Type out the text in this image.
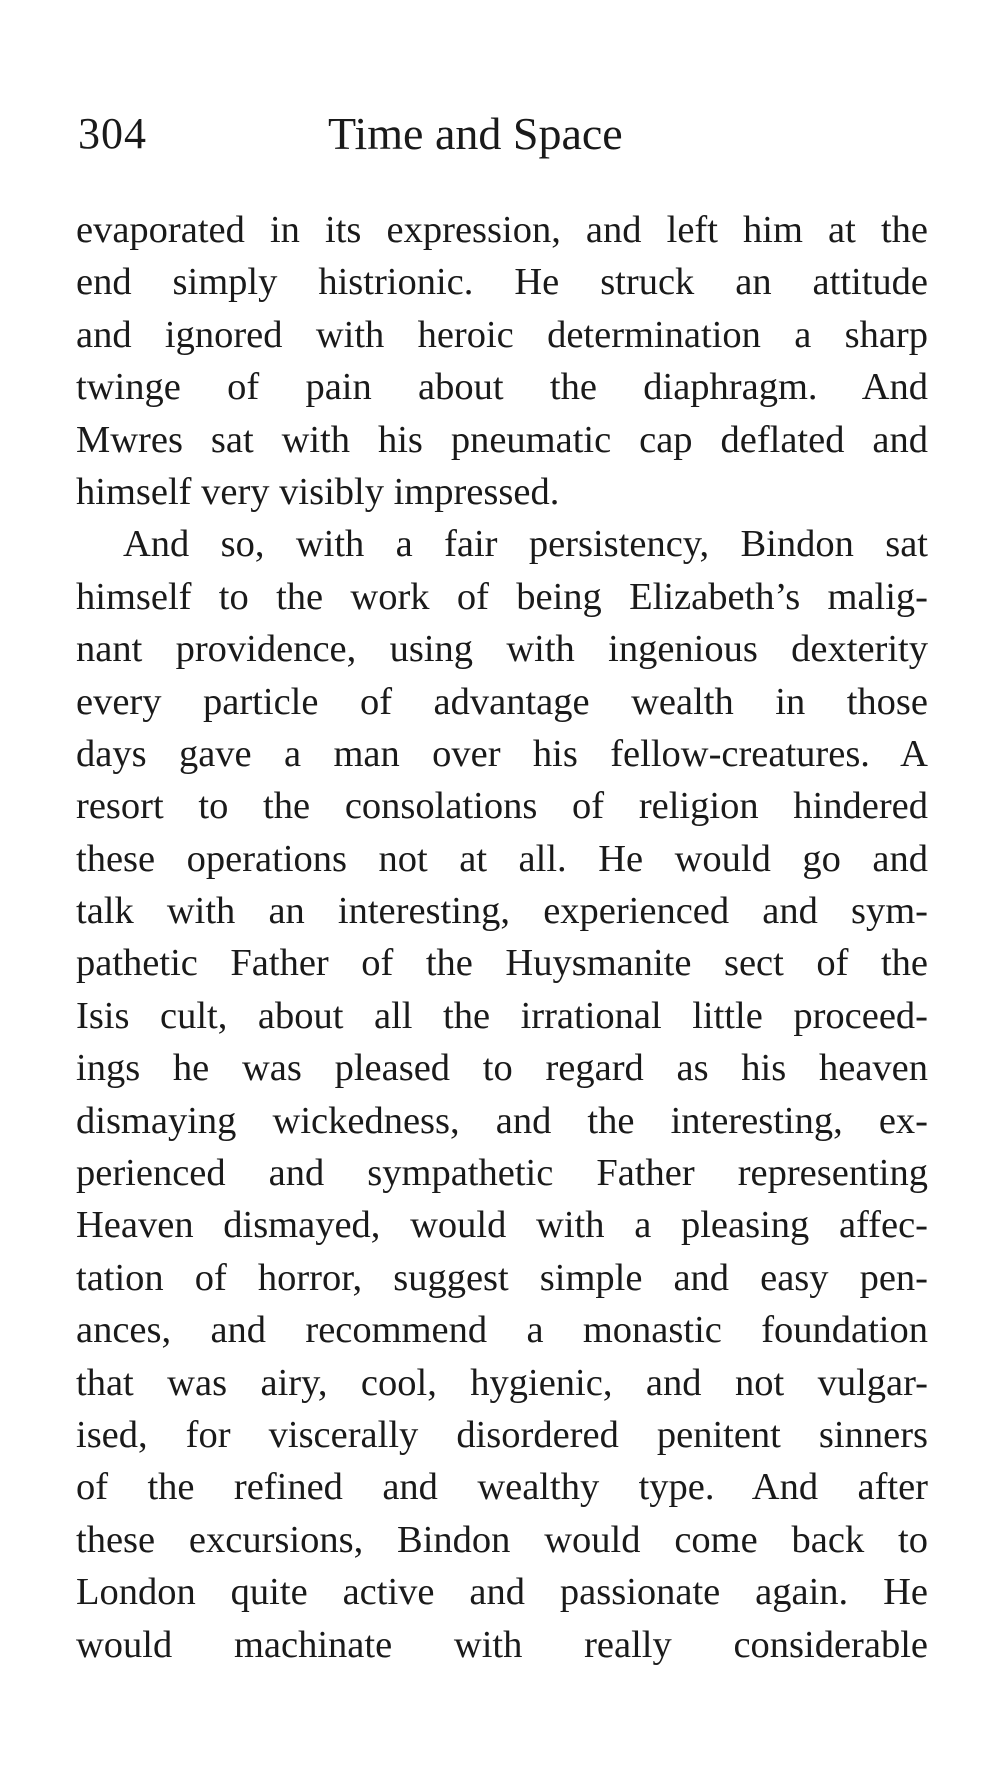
304	Time and Space
evaporated in its expression, and left him at the
end simply histrionic. He struck an attitude
and ignored with heroic determination a sharp
twinge of pain about the diaphragm. And
Mwres sat with his pneumatic cap deflated and
himself very visibly impressed.
And so, with a fair persistency, Bindon sat
himself to the work of being Elizabeth’s malig-
nant providence, using with ingenious dexterity
every particle of advantage wealth in those
days gave a man over his fellow-creatures. A
resort to the consolations of religion hindered
these operations not at all. He would go and
talk with an interesting, experienced and sym-
pathetic Father of the Huysmanite sect of the
Isis cult, about all the irrational little proceed-
ings he was pleased to regard as his heaven
dismaying wickedness, and the interesting, ex-
perienced and sympathetic Father representing
Heaven dismayed, would with a pleasing affec-
tation of horror, suggest simple and easy pen-
ances, and recommend a monastic foundation
that was airy, cool, hygienic, and not vulgar-
ised, for viscerally disordered penitent sinners
of the refined and wealthy type. And after
these excursions, Bindon would come back to
London quite active and passionate again. He
would machinate with really considerable
